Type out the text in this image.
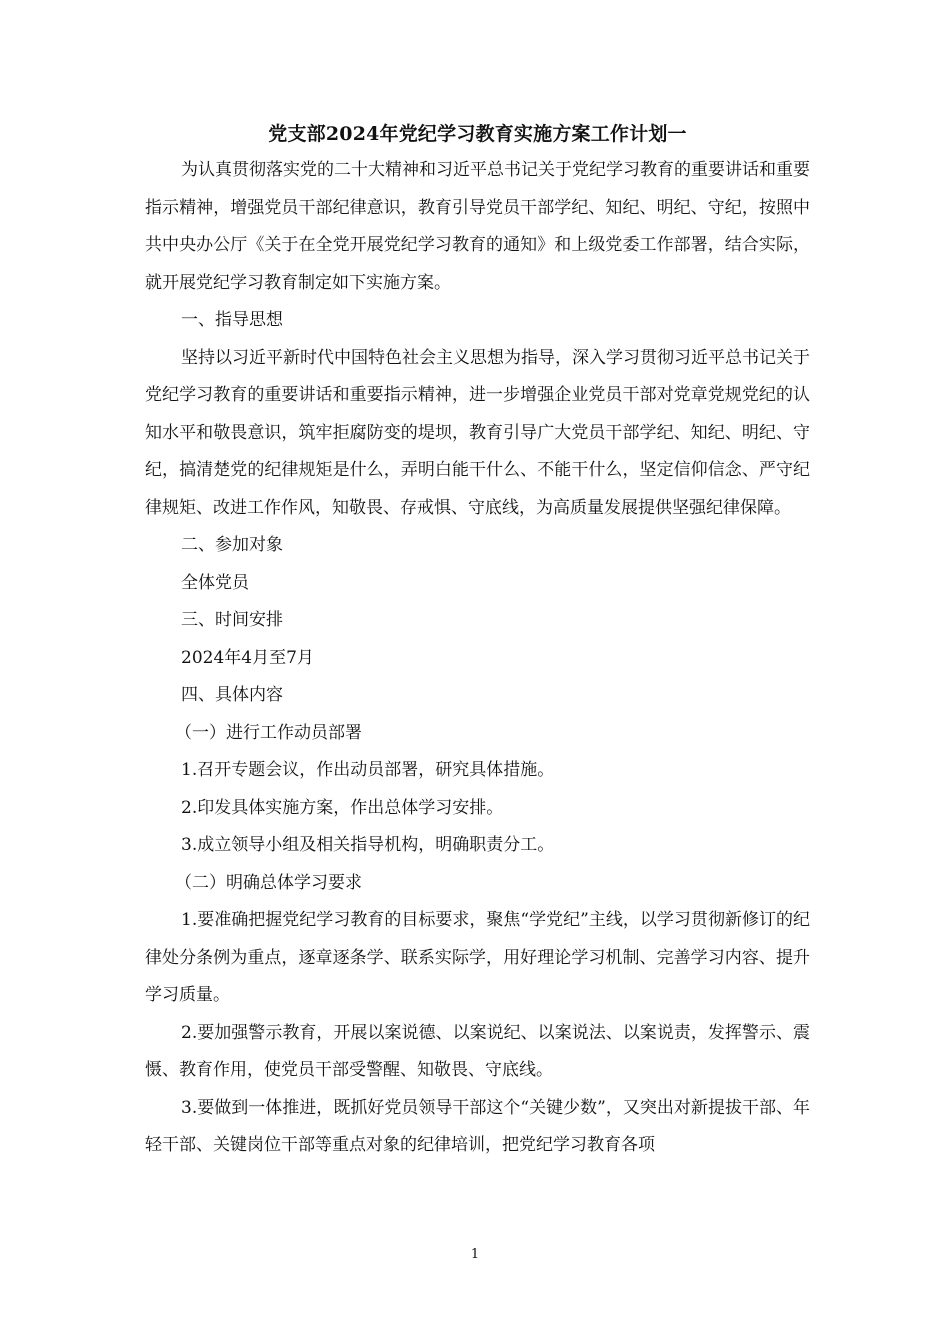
党支部2024年党纪学习教育实施方案工作计划一

为认真贯彻落实党的二十大精神和习近平总书记关于党纪学习教育的重要讲话和重要指示精神，增强党员干部纪律意识，教育引导党员干部学纪、知纪、明纪、守纪，按照中共中央办公厅《关于在全党开展党纪学习教育的通知》和上级党委工作部署，结合实际，就开展党纪学习教育制定如下实施方案。

一、指导思想

坚持以习近平新时代中国特色社会主义思想为指导，深入学习贯彻习近平总书记关于党纪学习教育的重要讲话和重要指示精神，进一步增强企业党员干部对党章党规党纪的认知水平和敬畏意识，筑牢拒腐防变的堤坝，教育引导广大党员干部学纪、知纪、明纪、守纪，搞清楚党的纪律规矩是什么，弄明白能干什么、不能干什么，坚定信仰信念、严守纪律规矩、改进工作作风，知敬畏、存戒惧、守底线，为高质量发展提供坚强纪律保障。

二、参加对象

全体党员

三、时间安排

2024年4月至7月

四、具体内容

（一）进行工作动员部署

1.召开专题会议，作出动员部署，研究具体措施。

2.印发具体实施方案，作出总体学习安排。

3.成立领导小组及相关指导机构，明确职责分工。

（二）明确总体学习要求

1.要准确把握党纪学习教育的目标要求，聚焦“学党纪”主线，以学习贯彻新修订的纪律处分条例为重点，逐章逐条学、联系实际学，用好理论学习机制、完善学习内容、提升学习质量。

2.要加强警示教育，开展以案说德、以案说纪、以案说法、以案说责，发挥警示、震慑、教育作用，使党员干部受警醒、知敬畏、守底线。

3.要做到一体推进，既抓好党员领导干部这个“关键少数”，又突出对新提拔干部、年轻干部、关键岗位干部等重点对象的纪律培训，把党纪学习教育各项

1
